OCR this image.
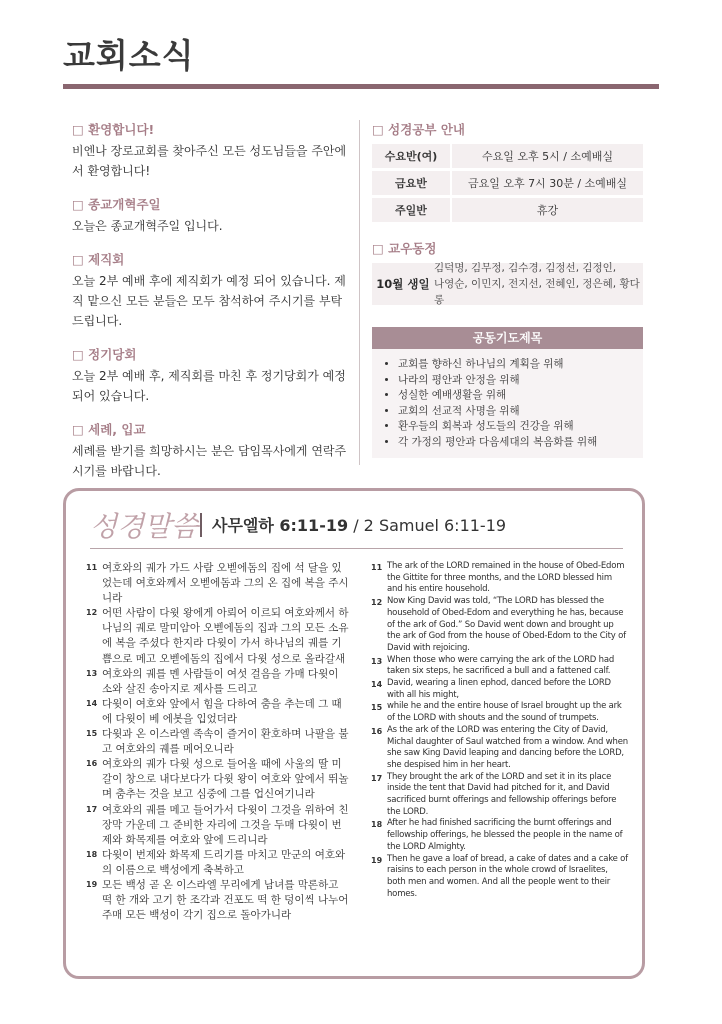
교회소식
□ 환영합니다!
비엔나 장로교회를 찾아주신 모든 성도님들을 주안에서 환영합니다!
□ 종교개혁주일
오늘은 종교개혁주일 입니다.
□ 제직회
오늘 2부 예배 후에 제직회가 예정 되어 있습니다. 제직 맡으신 모든 분들은 모두 참석하여 주시기를 부탁드립니다.
□ 정기당회
오늘 2부 예배 후, 제직회를 마친 후 정기당회가 예정 되어 있습니다.
□ 세례, 입교
세례를 받기를 희망하시는 분은 담임목사에게 연락주시기를 바랍니다.
□ 성경공부 안내
수요반(여)	수요일 오후 5시 / 소예배실
금요반	금요일 오후 7시 30분 / 소예배실
주일반	휴강
□ 교우동정
10월 생일
김덕명, 김무정, 김수경, 김정선, 김정인,
나영순, 이민지, 전지선, 전혜인, 정은혜, 황다롱
공동기도제목
• 교회를 향하신 하나님의 계획을 위해
• 나라의 평안과 안정을 위해
• 성실한 예배생활을 위해
• 교회의 선교적 사명을 위해
• 환우들의 회복과 성도들의 건강을 위해
• 각 가정의 평안과 다음세대의 복음화를 위해
성경말씀 사무엘하 6:11-19 / 2 Samuel 6:11-19
11 여호와의 궤가 가드 사람 오벧에돔의 집에 석 달을 있었는데 여호와께서 오벧에돔과 그의 온 집에 복을 주시니라
12 어떤 사람이 다윗 왕에게 아뢰어 이르되 여호와께서 하나님의 궤로 말미암아 오벧에돔의 집과 그의 모든 소유에 복을 주셨다 한지라 다윗이 가서 하나님의 궤를 기쁨으로 메고 오벧에돔의 집에서 다윗 성으로 올라갈새
13 여호와의 궤를 멘 사람들이 여섯 걸음을 가매 다윗이 소와 살진 송아지로 제사를 드리고
14 다윗이 여호와 앞에서 힘을 다하여 춤을 추는데 그 때에 다윗이 베 에봇을 입었더라
15 다윗과 온 이스라엘 족속이 즐거이 환호하며 나팔을 불고 여호와의 궤를 메어오니라
16 여호와의 궤가 다윗 성으로 들어올 때에 사울의 딸 미갈이 창으로 내다보다가 다윗 왕이 여호와 앞에서 뛰놀며 춤추는 것을 보고 심중에 그를 업신여기니라
17 여호와의 궤를 메고 들어가서 다윗이 그것을 위하여 친 장막 가운데 그 준비한 자리에 그것을 두매 다윗이 번제와 화목제를 여호와 앞에 드리니라
18 다윗이 번제와 화목제 드리기를 마치고 만군의 여호와의 이름으로 백성에게 축복하고
19 모든 백성 곧 온 이스라엘 무리에게 남녀를 막론하고 떡 한 개와 고기 한 조각과 건포도 떡 한 덩이씩 나누어 주매 모든 백성이 각기 집으로 돌아가니라
11 The ark of the LORD remained in the house of Obed-Edom the Gittite for three months, and the LORD blessed him and his entire household.
12 Now King David was told, “The LORD has blessed the household of Obed-Edom and everything he has, because of the ark of God.” So David went down and brought up the ark of God from the house of Obed-Edom to the City of David with rejoicing.
13 When those who were carrying the ark of the LORD had taken six steps, he sacrificed a bull and a fattened calf.
14 David, wearing a linen ephod, danced before the LORD with all his might,
15 while he and the entire house of Israel brought up the ark of the LORD with shouts and the sound of trumpets.
16 As the ark of the LORD was entering the City of David, Michal daughter of Saul watched from a window. And when she saw King David leaping and dancing before the LORD, she despised him in her heart.
17 They brought the ark of the LORD and set it in its place inside the tent that David had pitched for it, and David sacrificed burnt offerings and fellowship offerings before the LORD.
18 After he had finished sacrificing the burnt offerings and fellowship offerings, he blessed the people in the name of the LORD Almighty.
19 Then he gave a loaf of bread, a cake of dates and a cake of raisins to each person in the whole crowd of Israelites, both men and women. And all the people went to their homes.
